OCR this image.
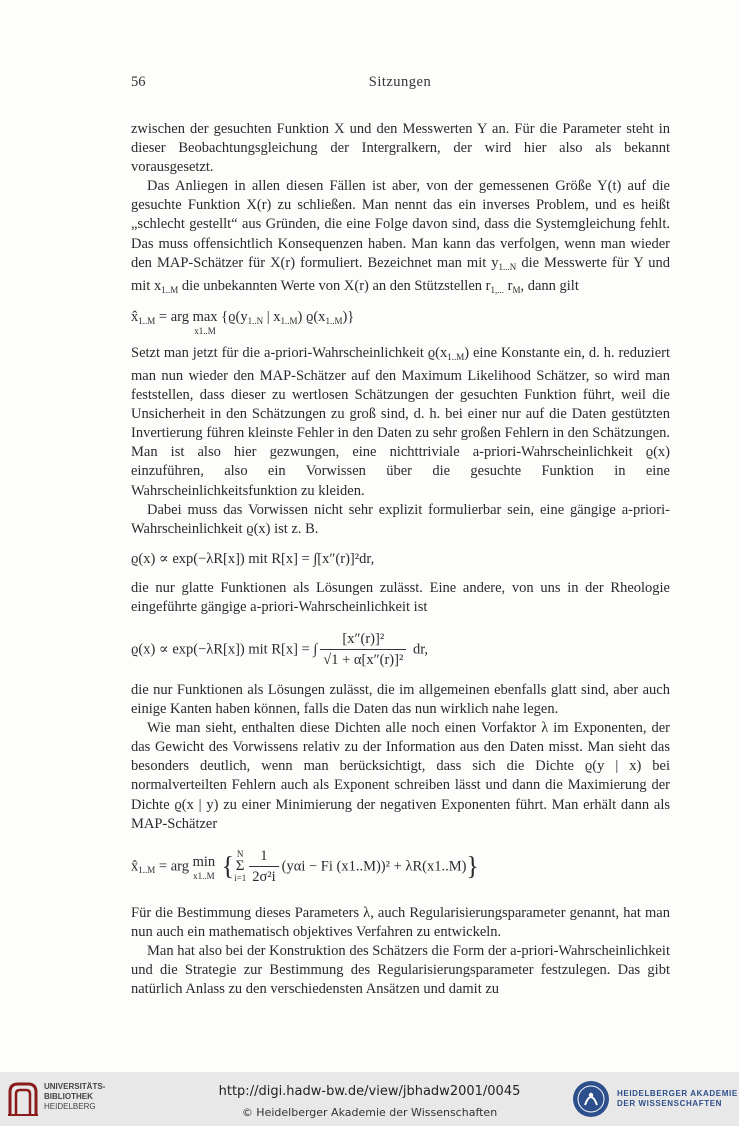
56	Sitzungen

zwischen der gesuchten Funktion X und den Messwerten Y an. Für die Parameter steht in dieser Beobachtungsgleichung der Intergralkern, der wird hier also als bekannt vorausgesetzt.

Das Anliegen in allen diesen Fällen ist aber, von der gemessenen Größe Y(t) auf die gesuchte Funktion X(r) zu schließen. Man nennt das ein inverses Problem, und es heißt „schlecht gestellt“ aus Gründen, die eine Folge davon sind, dass die Systemgleichung fehlt. Das muss offensichtlich Konsequenzen haben. Man kann das verfolgen, wenn man wieder den MAP-Schätzer für X(r) formuliert. Bezeichnet man mit $y_{1...N}$ die Messwerte für Y und mit $x_{1..M}$ die unbekannten Werte von X(r) an den Stützstellen $r_{1,...}$ $r_M$, dann gilt

$x̂_{1..M}$ = arg max
x1..M
{$ϱ(y_{1..N}$ | $x_{1..M}$) $ϱ(x_{1..M})$}

Setzt man jetzt für die a-priori-Wahrscheinlichkeit $ϱ(x_{1..M})$ eine Konstante ein, d. h. reduziert man nun wieder den MAP-Schätzer auf den Maximum Likelihood Schätzer, so wird man feststellen, dass dieser zu wertlosen Schätzungen der gesuchten Funktion führt, weil die Unsicherheit in den Schätzungen zu groß sind, d. h. bei einer nur auf die Daten gestützten Invertierung führen kleinste Fehler in den Daten zu sehr großen Fehlern in den Schätzungen. Man ist also hier gezwungen, eine nichttriviale a-priori-Wahrscheinlichkeit ϱ(x) einzuführen, also ein Vorwissen über die gesuchte Funktion in eine Wahrscheinlichkeitsfunktion zu kleiden.

Dabei muss das Vorwissen nicht sehr explizit formulierbar sein, eine gängige a-priori-Wahrscheinlichkeit ϱ(x) ist z. B.

ϱ(x) ∝ exp(−λR[x]) mit R[x] = ∫[x″(r)]²dr,

die nur glatte Funktionen als Lösungen zulässt. Eine andere, von uns in der Rheologie eingeführte gängige a-priori-Wahrscheinlichkeit ist

ϱ(x) ∝ exp(−λR[x]) mit R[x] = ∫ $\frac{\text{[x″(r)]²}}{\text{√1 + α[x″(r)]²}}$ dr,

die nur Funktionen als Lösungen zulässt, die im allgemeinen ebenfalls glatt sind, aber auch einige Kanten haben können, falls die Daten das nun wirklich nahe legen.

Wie man sieht, enthalten diese Dichten alle noch einen Vorfaktor λ im Exponenten, der das Gewicht des Vorwissens relativ zu der Information aus den Daten misst. Man sieht das besonders deutlich, wenn man berücksichtigt, dass sich die Dichte ϱ(y | x) bei normalverteilten Fehlern auch als Exponent schreiben lässt und dann die Maximierung der Dichte ϱ(x | y) zu einer Minimierung der negativen Exponenten führt. Man erhält dann als MAP-Schätzer

$x̂_{1..M}$ = arg min
x1..M { N
Σ
$i=1 \frac{1}{\text{2σ²i}} (y\alpha i - Fi$ (x1..M))² + λR(x1..M)}

Für die Bestimmung dieses Parameters λ, auch Regularisierungsparameter genannt, hat man nun auch ein mathematisch objektives Verfahren zu entwickeln.

Man hat also bei der Konstruktion des Schätzers die Form der a-priori-Wahrscheinlichkeit und die Strategie zur Bestimmung des Regularisierungsparameter festzulegen. Das gibt natürlich Anlass zu den verschiedensten Ansätzen und damit zu

UNIVERSITÄTS-
BIBLIOTHEK
HEIDELBERG
http://digi.hadw-bw.de/view/jbhadw2001/0045
© Heidelberger Akademie der Wissenschaften
HEIDELBERGER AKADEMIE
DER WISSENSCHAFTEN
